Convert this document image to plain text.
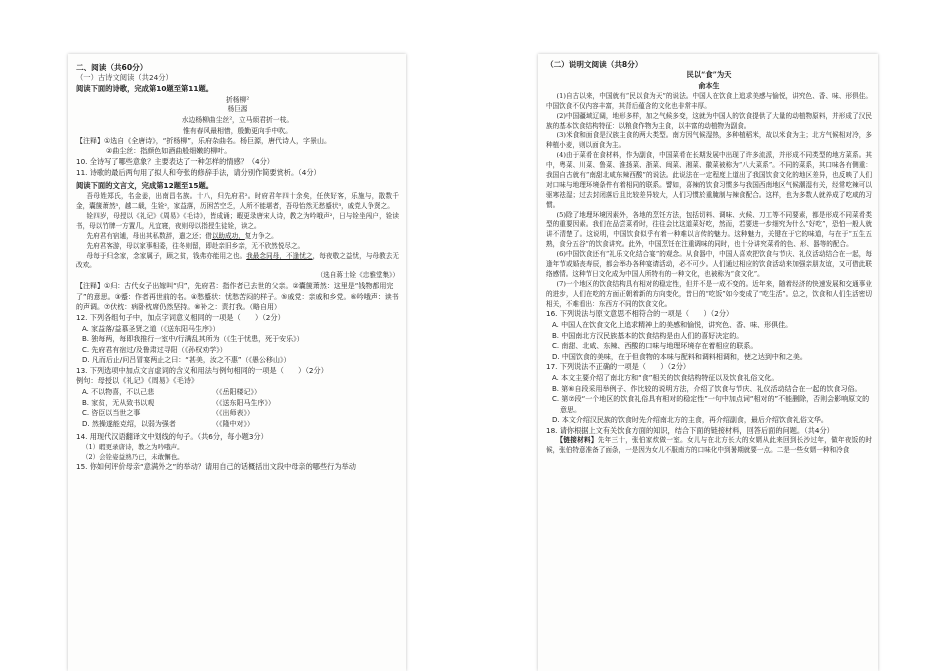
二、阅读（共60分）
（一）古诗文阅读（共24分）
阅读下面的诗歌，完成第10题至第11题。
折杨柳²
杨巨源
水边杨柳曲尘丝²，立马烦君折一枝。
惟有春风最相惜，殷勤更向手中吹。
【注释】①选自《全唐诗》，“折杨柳”，乐府杂曲名。杨巨源，唐代诗人，字景山。
②曲尘丝：指颜色如酒曲般细嫩的柳叶。
10. 全诗写了哪些意象？主要表达了一种怎样的情感？（4分）
11. 诗歌的最后两句用了拟人和夸张的修辞手法，请分别作简要赏析。（4分）
阅读下面的文言文，完成第12题至15题。
吾母姓郑氏，名金姜，出南昌名族。十八，归先府君²。时府君年四十余矣，任侠好客，乐施与，散数千金，囊箧萧然³，越二载，生铨²，家益落，历困苦空乏，人所不能堪者，吾母怡然无愁蹙状³，戚党人争贤之。
铨四岁，母授以《礼记》《周易》《毛诗》，皆成诵；暇更录唐宋人诗，教之为吟哦声²，日与铨坐闯户，铨读书，母以竹牌一方置几，凡宜寝，夜则母以指授生徒铨，读之。
先府君有宿逋，母出其私数辞，遣之还；借以助成功，复力争之。
先府君客游，母以家事相委，往冬则留，即赴亲旧乡亲，无不欣然悦尽之。
母每于归念家，念家属子，顾之贫，钱弗亦能用之也。我最念同母，不逢忧之，每夜敬之益忧，与母教去无改欢。
（选自蒋士铨《忠雅堂集》）
【注释】①归：古代女子出嫁叫“归”，先府君：指作者已去世的父亲。②囊箧萧然：这里是“钱物都用完了”的意思。③蹙：作者再世前的名。④愁蹙状：忧愁苦闷的样子。⑤戚党：亲戚和乡党。⑥吟哦声：读书的声调。⑦伏枕：病卧枕席仍然坚持。⑧补之：责打我。（略自用）
12. 下列各组句子中，加点字词意义相同的一项是（　　）（2分）
A. 家益落/益慕圣贤之道（《送东阳马生序》）
B. 独每两，每即我推行一室中/行满乱其所为（《生于忧患，死于安乐》）
C. 先府君有宿过/及鲁肃过寻阳（《孙权劝学》）
D. 凡而后止/问吕冒宴两止之曰：“甚美，汝之不惠”（《愚公移山》）
13. 下列选项中加点文言虚词的含义和用法与例句相同的一项是（　　）（2分）
例句：母授以《礼记》《周易》《毛诗》
A. 不以物喜，不以己悲	（《岳阳楼记》）
B. 家贫，无从致书以观	（《送东阳马生序》）
C. 咨臣以当世之事	（《出师表》）
D. 然操遂能克绍，以弱为强者	（《隆中对》）
14. 用现代汉语翻译文中划线的句子。（共6分，每小题3分）
（1）暇更录唐诗，教之为吟哦声。
（2）会铨姿益熟乃已，未敢懈也。
15. 你如何评价母亲“意满外之”的举动？请用自己的话概括出文段中母亲的哪些行为举动
（二）说明文阅读（共8分）
民以“食”为天
俞本生
(1)自古以来，中国就有“民以食为天”的说法。中国人在饮食上追求美感与愉悦，讲究色、香、味、形俱佳。中国饮食不仅内容丰富，其背后蕴含的文化也非常丰厚。
(2)中国疆域辽阔，地形多样，加之气候多变，这就为中国人的饮食提供了大量的动植物原料，并形成了汉民族的基本饮食结构特征：以粮食作物为主食，以丰富的动植物为副食。
(3)米食和面食是汉族主食的两大类型。南方因气候湿热，多种植稻米，故以米食为主；北方气候相对冷，多种植小麦，则以面食为主。
(4)由于菜肴在食材料，作为副食，中国菜肴在长期发展中出现了许多流派，并形成不同类型的地方菜系。其中，粤菜、川菜、鲁菜、淮扬菜、浙菜、闽菜、湘菜、徽菜被称为“八大菜系”。不同的菜系，其口味各有侧重：我国自古就有“南甜北咸东辣西酸”的说法。此说法在一定程度上道出了我国饮食文化的地区差异，也反映了人们对口味与地理环境条件有着相同的联系。譬如，喜辣的饮食习惯多与我国西南地区气候潮湿有关，经常吃辣可以驱寒祛湿；过去封闭落后且比较差异较大，人们习惯於重腌制与辣食配合。这样，也为多数人就养成了吃咸的习惯。
(5)除了地理环境因素外，各地的烹饪方法，包括切料、调味、火候、刀工等不同要素，都是形成不同菜肴类型的重要因素。我们在品尝菜肴时，往往会比这道菜好吃，然而，若要进一步细究为什么“好吃”，恐怕一般人就讲不清楚了。这说明，中国饮食似乎有着一种难以言传的魅力。这种魅力，关键在于它的味道，与在于“五生五熟，食分五谷”的饮食讲究。此外，中国烹饪在注重调味的同时，也十分讲究菜肴的色、形、器等的配合。
(6)中国饮食还有“礼乐文化结合宴”的观念。从食器中，中国人喜欢把饮食与节庆、礼仪活动结合在一起，每逢年节或婚丧寿辰，都会举办各种宴请活动，必不可少。人们通过相应的饮食活动来加强亲朋友谊，又可借此联络感情。这种节日文化成为中国人所特有的一种文化，也被称为“食文化”。
(7)一个地区的饮食结构具有相对的稳定性，但并不是一成不变的。近年来，随着经济的快速发展和交通事业的进步，人们在吃的方面正朝着新的方向变化，昔日的“吃饭”如今变成了“吃生活”。总之，饮食和人们生活密切相关，不难看出：东西方不同的饮食文化。
16. 下列说法与原文意思不相符合的一项是（　　）（2分）
A. 中国人在饮食文化上追求精神上的美感和愉悦，讲究色、香、味、形俱佳。
B. 中国南北方汉民族基本的饮食结构是由人们的喜好决定的。
C. 南甜、北咸、东辣、西酸的口味与地理环境存在着相应的联系。
D. 中国饮食的美味，在于但食物的本味与配料和调料相调和，使之达到中和之美。
17. 下列说法不正确的一项是（　　）（2分）
A. 本文主要介绍了南北方和“食”相关的饮食结构特征以及饮食礼俗文化。
B. 第⑥自段采用举例子、作比较的说明方法，介绍了饮食与节庆、礼仪活动结合在一起的饮食习俗。
C. 第⑦段“一个地区的饮食礼俗具有相对的稳定性”一句中加点词“相对的”不能删除，否则会影响原文的意思。
D. 本文介绍汉民族的饮食时先介绍南北方的主食，再介绍副食，最后介绍饮食礼俗文华。
18. 请你根据上文有关饮食方面的知识，结合下面的链接材料，回答后面的问题。（共4分）
【链接材料】先年三十，张伯家炊做一室。女儿与在北方长大的女婿从此来回到长沙过年，做年夜饭的时候，张伯特意准备了面条，一是因为女儿不服南方的口味化中到暑期就要一点。二是一些女婿一种和冷食
